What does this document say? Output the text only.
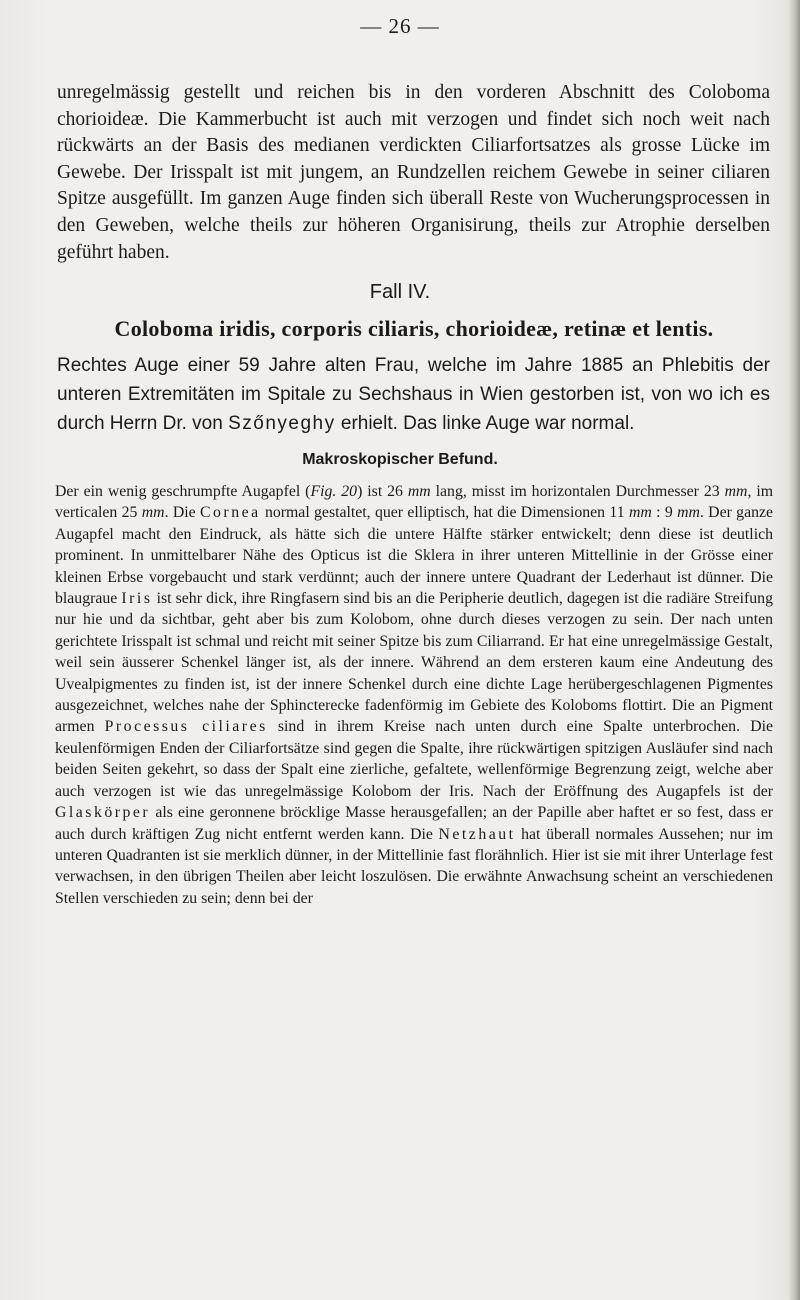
— 26 —
unregelmässig gestellt und reichen bis in den vorderen Abschnitt des Coloboma chorioideæ. Die Kammerbucht ist auch mit verzogen und findet sich noch weit nach rückwärts an der Basis des medianen verdickten Ciliarfortsatzes als grosse Lücke im Gewebe. Der Irisspalt ist mit jungem, an Rundzellen reichem Gewebe in seiner ciliaren Spitze ausgefüllt. Im ganzen Auge finden sich überall Reste von Wucherungsprocessen in den Geweben, welche theils zur höheren Organisirung, theils zur Atrophie derselben geführt haben.
Fall IV.
Coloboma iridis, corporis ciliaris, chorioideæ, retinæ et lentis.
Rechtes Auge einer 59 Jahre alten Frau, welche im Jahre 1885 an Phlebitis der unteren Extremitäten im Spitale zu Sechshaus in Wien gestorben ist, von wo ich es durch Herrn Dr. von Szőnyeghy erhielt. Das linke Auge war normal.
Makroskopischer Befund.
Der ein wenig geschrumpfte Augapfel (Fig. 20) ist 26 mm lang, misst im horizontalen Durchmesser 23 mm, im verticalen 25 mm. Die Cornea normal gestaltet, quer elliptisch, hat die Dimensionen 11 mm : 9 mm. Der ganze Augapfel macht den Eindruck, als hätte sich die untere Hälfte stärker entwickelt; denn diese ist deutlich prominent. In unmittelbarer Nähe des Opticus ist die Sklera in ihrer unteren Mittellinie in der Grösse einer kleinen Erbse vorgebaucht und stark verdünnt; auch der innere untere Quadrant der Lederhaut ist dünner. Die blaugraue Iris ist sehr dick, ihre Ringfasern sind bis an die Peripherie deutlich, dagegen ist die radiäre Streifung nur hie und da sichtbar, geht aber bis zum Kolobom, ohne durch dieses verzogen zu sein. Der nach unten gerichtete Irisspalt ist schmal und reicht mit seiner Spitze bis zum Ciliarrand. Er hat eine unregelmässige Gestalt, weil sein äusserer Schenkel länger ist, als der innere. Während an dem ersteren kaum eine Andeutung des Uvealpigmentes zu finden ist, ist der innere Schenkel durch eine dichte Lage herübergeschlagenen Pigmentes ausgezeichnet, welches nahe der Sphincterecke fadenförmig im Gebiete des Koloboms flottirt. Die an Pigment armen Processus ciliares sind in ihrem Kreise nach unten durch eine Spalte unterbrochen. Die keulenförmigen Enden der Ciliarfortsätze sind gegen die Spalte, ihre rückwärtigen spitzigen Ausläufer sind nach beiden Seiten gekehrt, so dass der Spalt eine zierliche, gefaltete, wellenförmige Begrenzung zeigt, welche aber auch verzogen ist wie das unregelmässige Kolobom der Iris. Nach der Eröffnung des Augapfels ist der Glaskörper als eine geronnene bröcklige Masse herausgefallen; an der Papille aber haftet er so fest, dass er auch durch kräftigen Zug nicht entfernt werden kann. Die Netzhaut hat überall normales Aussehen; nur im unteren Quadranten ist sie merklich dünner, in der Mittellinie fast florähnlich. Hier ist sie mit ihrer Unterlage fest verwachsen, in den übrigen Theilen aber leicht loszulösen. Die erwähnte Anwachsung scheint an verschiedenen Stellen verschieden zu sein; denn bei der
